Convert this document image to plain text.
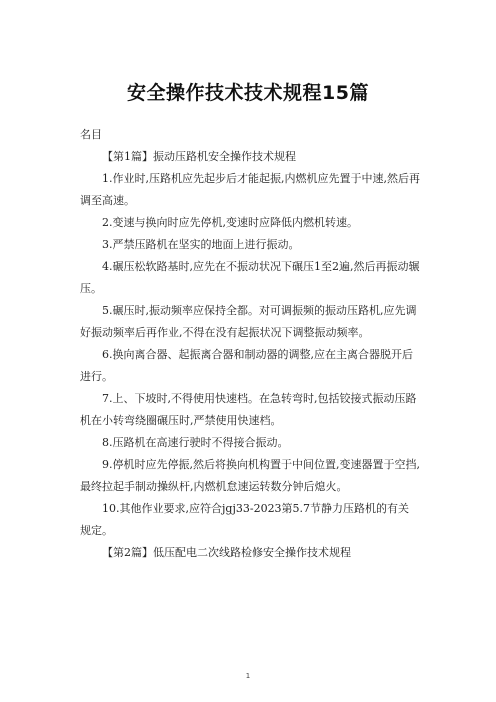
安全操作技术技术规程15篇

名目

【第1篇】振动压路机安全操作技术规程

1.作业时,压路机应先起步后才能起振,内燃机应先置于中速,然后再调至高速。

2.变速与换向时应先停机,变速时应降低内燃机转速。

3.严禁压路机在坚实的地面上进行振动。

4.碾压松软路基时,应先在不振动状况下碾压1至2遍,然后再振动辗压。

5.碾压时,振动频率应保持全都。对可调振频的振动压路机,应先调好振动频率后再作业,不得在没有起振状况下调整振动频率。

6.换向离合器、起振离合器和制动器的调整,应在主离合器脱开后进行。

7.上、下坡时,不得使用快速档。在急转弯时,包括铰接式振动压路机在小转弯绕圈碾压时,严禁使用快速档。

8.压路机在高速行驶时不得接合振动。

9.停机时应先停振,然后将换向机构置于中间位置,变速器置于空挡,最终拉起手制动操纵杆,内燃机怠速运转数分钟后熄火。

10.其他作业要求,应符合jgj33-2023第5.7节静力压路机的有关规定。

【第2篇】低压配电二次线路检修安全操作技术规程

1
